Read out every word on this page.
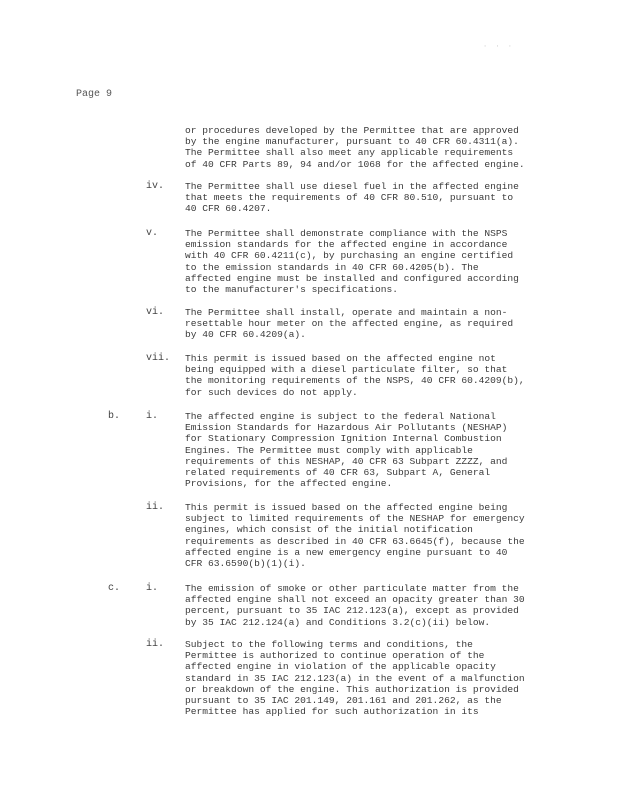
· · ·
Page 9

or procedures developed by the Permittee that are approved
by the engine manufacturer, pursuant to 40 CFR 60.4311(a).
The Permittee shall also meet any applicable requirements
of 40 CFR Parts 89, 94 and/or 1068 for the affected engine.

iv. The Permittee shall use diesel fuel in the affected engine
that meets the requirements of 40 CFR 80.510, pursuant to
40 CFR 60.4207.

v.	The Permittee shall demonstrate compliance with the NSPS
emission standards for the affected engine in accordance
with 40 CFR 60.4211(c), by purchasing an engine certified
to the emission standards in 40 CFR 60.4205(b). The
affected engine must be installed and configured according
to the manufacturer's specifications.

vi. The Permittee shall install, operate and maintain a non-
resettable hour meter on the affected engine, as required
by 40 CFR 60.4209(a).

vii. This permit is issued based on the affected engine not
being equipped with a diesel particulate filter, so that
the monitoring requirements of the NSPS, 40 CFR 60.4209(b),
for such devices do not apply.

b.	i.	The affected engine is subject to the federal National
Emission Standards for Hazardous Air Pollutants (NESHAP)
for Stationary Compression Ignition Internal Combustion
Engines. The Permittee must comply with applicable
requirements of this NESHAP, 40 CFR 63 Subpart ZZZZ, and
related requirements of 40 CFR 63, Subpart A, General
Provisions, for the affected engine.

ii. This permit is issued based on the affected engine being
subject to limited requirements of the NESHAP for emergency
engines, which consist of the initial notification
requirements as described in 40 CFR 63.6645(f), because the
affected engine is a new emergency engine pursuant to 40
CFR 63.6590(b)(1)(i).

c.	i.	The emission of smoke or other particulate matter from the
affected engine shall not exceed an opacity greater than 30
percent, pursuant to 35 IAC 212.123(a), except as provided
by 35 IAC 212.124(a) and Conditions 3.2(c)(ii) below.

ii. Subject to the following terms and conditions, the
Permittee is authorized to continue operation of the
affected engine in violation of the applicable opacity
standard in 35 IAC 212.123(a) in the event of a malfunction
or breakdown of the engine. This authorization is provided
pursuant to 35 IAC 201.149, 201.161 and 201.262, as the
Permittee has applied for such authorization in its
